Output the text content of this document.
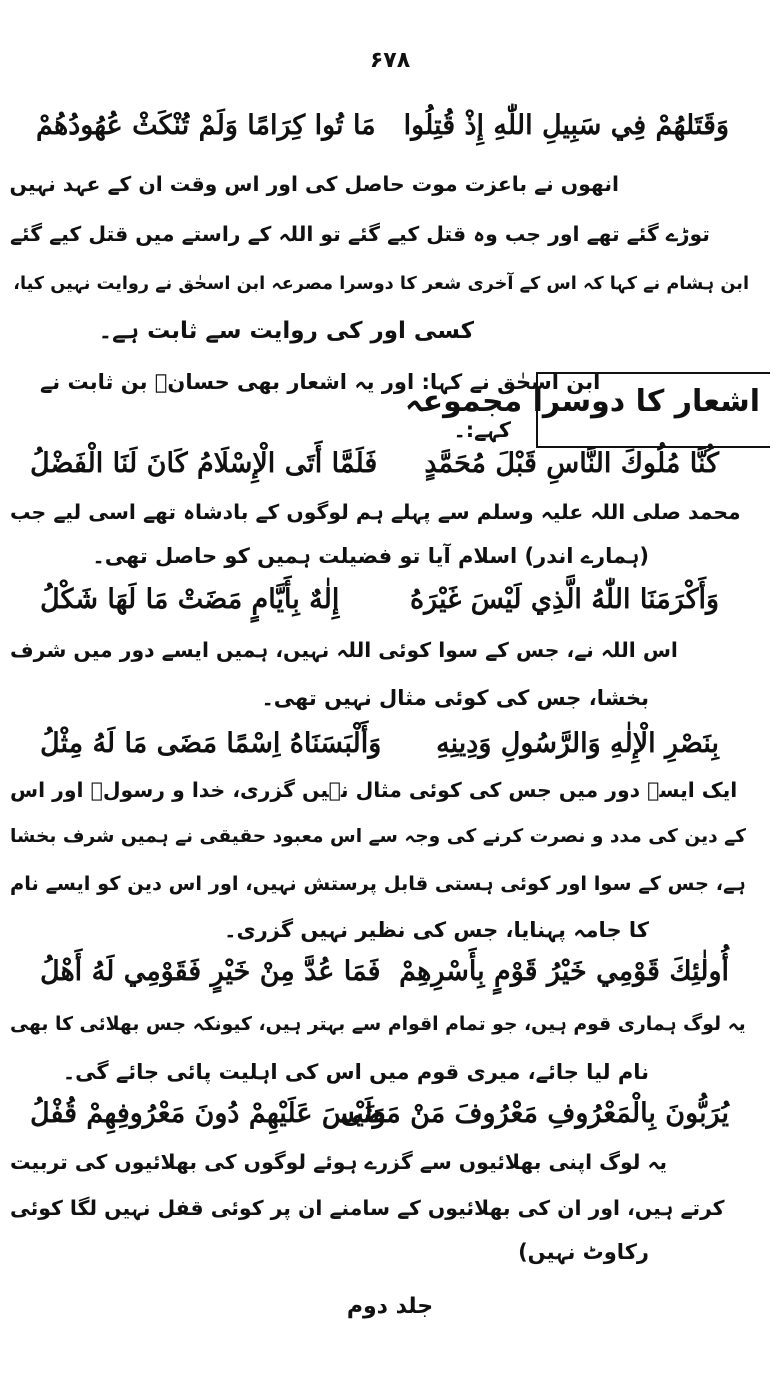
۶۷۸
وَقَتَلهُمْ فِي سَبِيلِ اللّٰهِ إِذْ قُتِلُوا
مَا تُوا كِرَامًا وَلَمْ تُنْكَثْ عُهُودُهُمْ
انھوں نے باعزت موت حاصل کی اور اس وقت ان کے عہد نہیں
توڑے گئے تھے اور جب وہ قتل کیے گئے تو اللہ کے راستے میں قتل کیے گئے
ابن ہشام نے کہا کہ اس کے آخری شعر کا دوسرا مصرعہ ابن اسحٰق نے روایت نہیں کیا،
کسی اور کی روایت سے ثابت ہے۔
اشعار کا دوسرا مجموعہ
ابن اسحٰق نے کہا: اور یہ اشعار بھی حسانؓ بن ثابت نے
کہے:۔
كُنَّا مُلُوكَ النَّاسِ قَبْلَ مُحَمَّدٍ
فَلَمَّا أَتَى الْإِسْلَامُ كَانَ لَنَا الْفَضْلُ
محمد صلی اللہ علیہ وسلم سے پہلے ہم لوگوں کے بادشاہ تھے اسی لیے جب
(ہمارے اندر) اسلام آیا تو فضیلت ہمیں کو حاصل تھی۔
وَأَكْرَمَنَا اللّٰهُ الَّذِي لَيْسَ غَيْرَهُ
إِلٰهٌ بِأَيَّامٍ مَضَتْ مَا لَهَا شَكْلُ
اس اللہ نے، جس کے سوا کوئی اللہ نہیں، ہمیں ایسے دور میں شرف
بخشا، جس کی کوئی مثال نہیں تھی۔
بِنَصْرِ الْإِلٰهِ وَالرَّسُولِ وَدِينِهِ
وَأَلْبَسَنَاهُ اِسْمًا مَضَى مَا لَهُ مِثْلُ
ایک ایسے دور میں جس کی کوئی مثال نہیں گزری، خدا و رسولؐ اور اس
کے دین کی مدد و نصرت کرنے کی وجہ سے اس معبود حقیقی نے ہمیں شرف بخشا
ہے، جس کے سوا اور کوئی ہستی قابل پرستش نہیں، اور اس دین کو ایسے نام
کا جامہ پہنایا، جس کی نظیر نہیں گزری۔
أُولٰئِكَ قَوْمِي خَيْرُ قَوْمٍ بِأَسْرِهِمْ
فَمَا عُدَّ مِنْ خَيْرٍ فَقَوْمِي لَهُ أَهْلُ
یہ لوگ ہماری قوم ہیں، جو تمام اقوام سے بہتر ہیں، کیونکہ جس بھلائی کا بھی
نام لیا جائے، میری قوم میں اس کی اہلیت پائی جائے گی۔
يُرَبُّونَ بِالْمَعْرُوفِ مَعْرُوفَ مَنْ مَضَى
وَلَيْسَ عَلَيْهِمْ دُونَ مَعْرُوفِهِمْ قُفْلُ
یہ لوگ اپنی بھلائیوں سے گزرے ہوئے لوگوں کی بھلائیوں کی تربیت
کرتے ہیں، اور ان کی بھلائیوں کے سامنے ان پر کوئی قفل نہیں لگا کوئی
رکاوٹ نہیں)
جلد دوم
